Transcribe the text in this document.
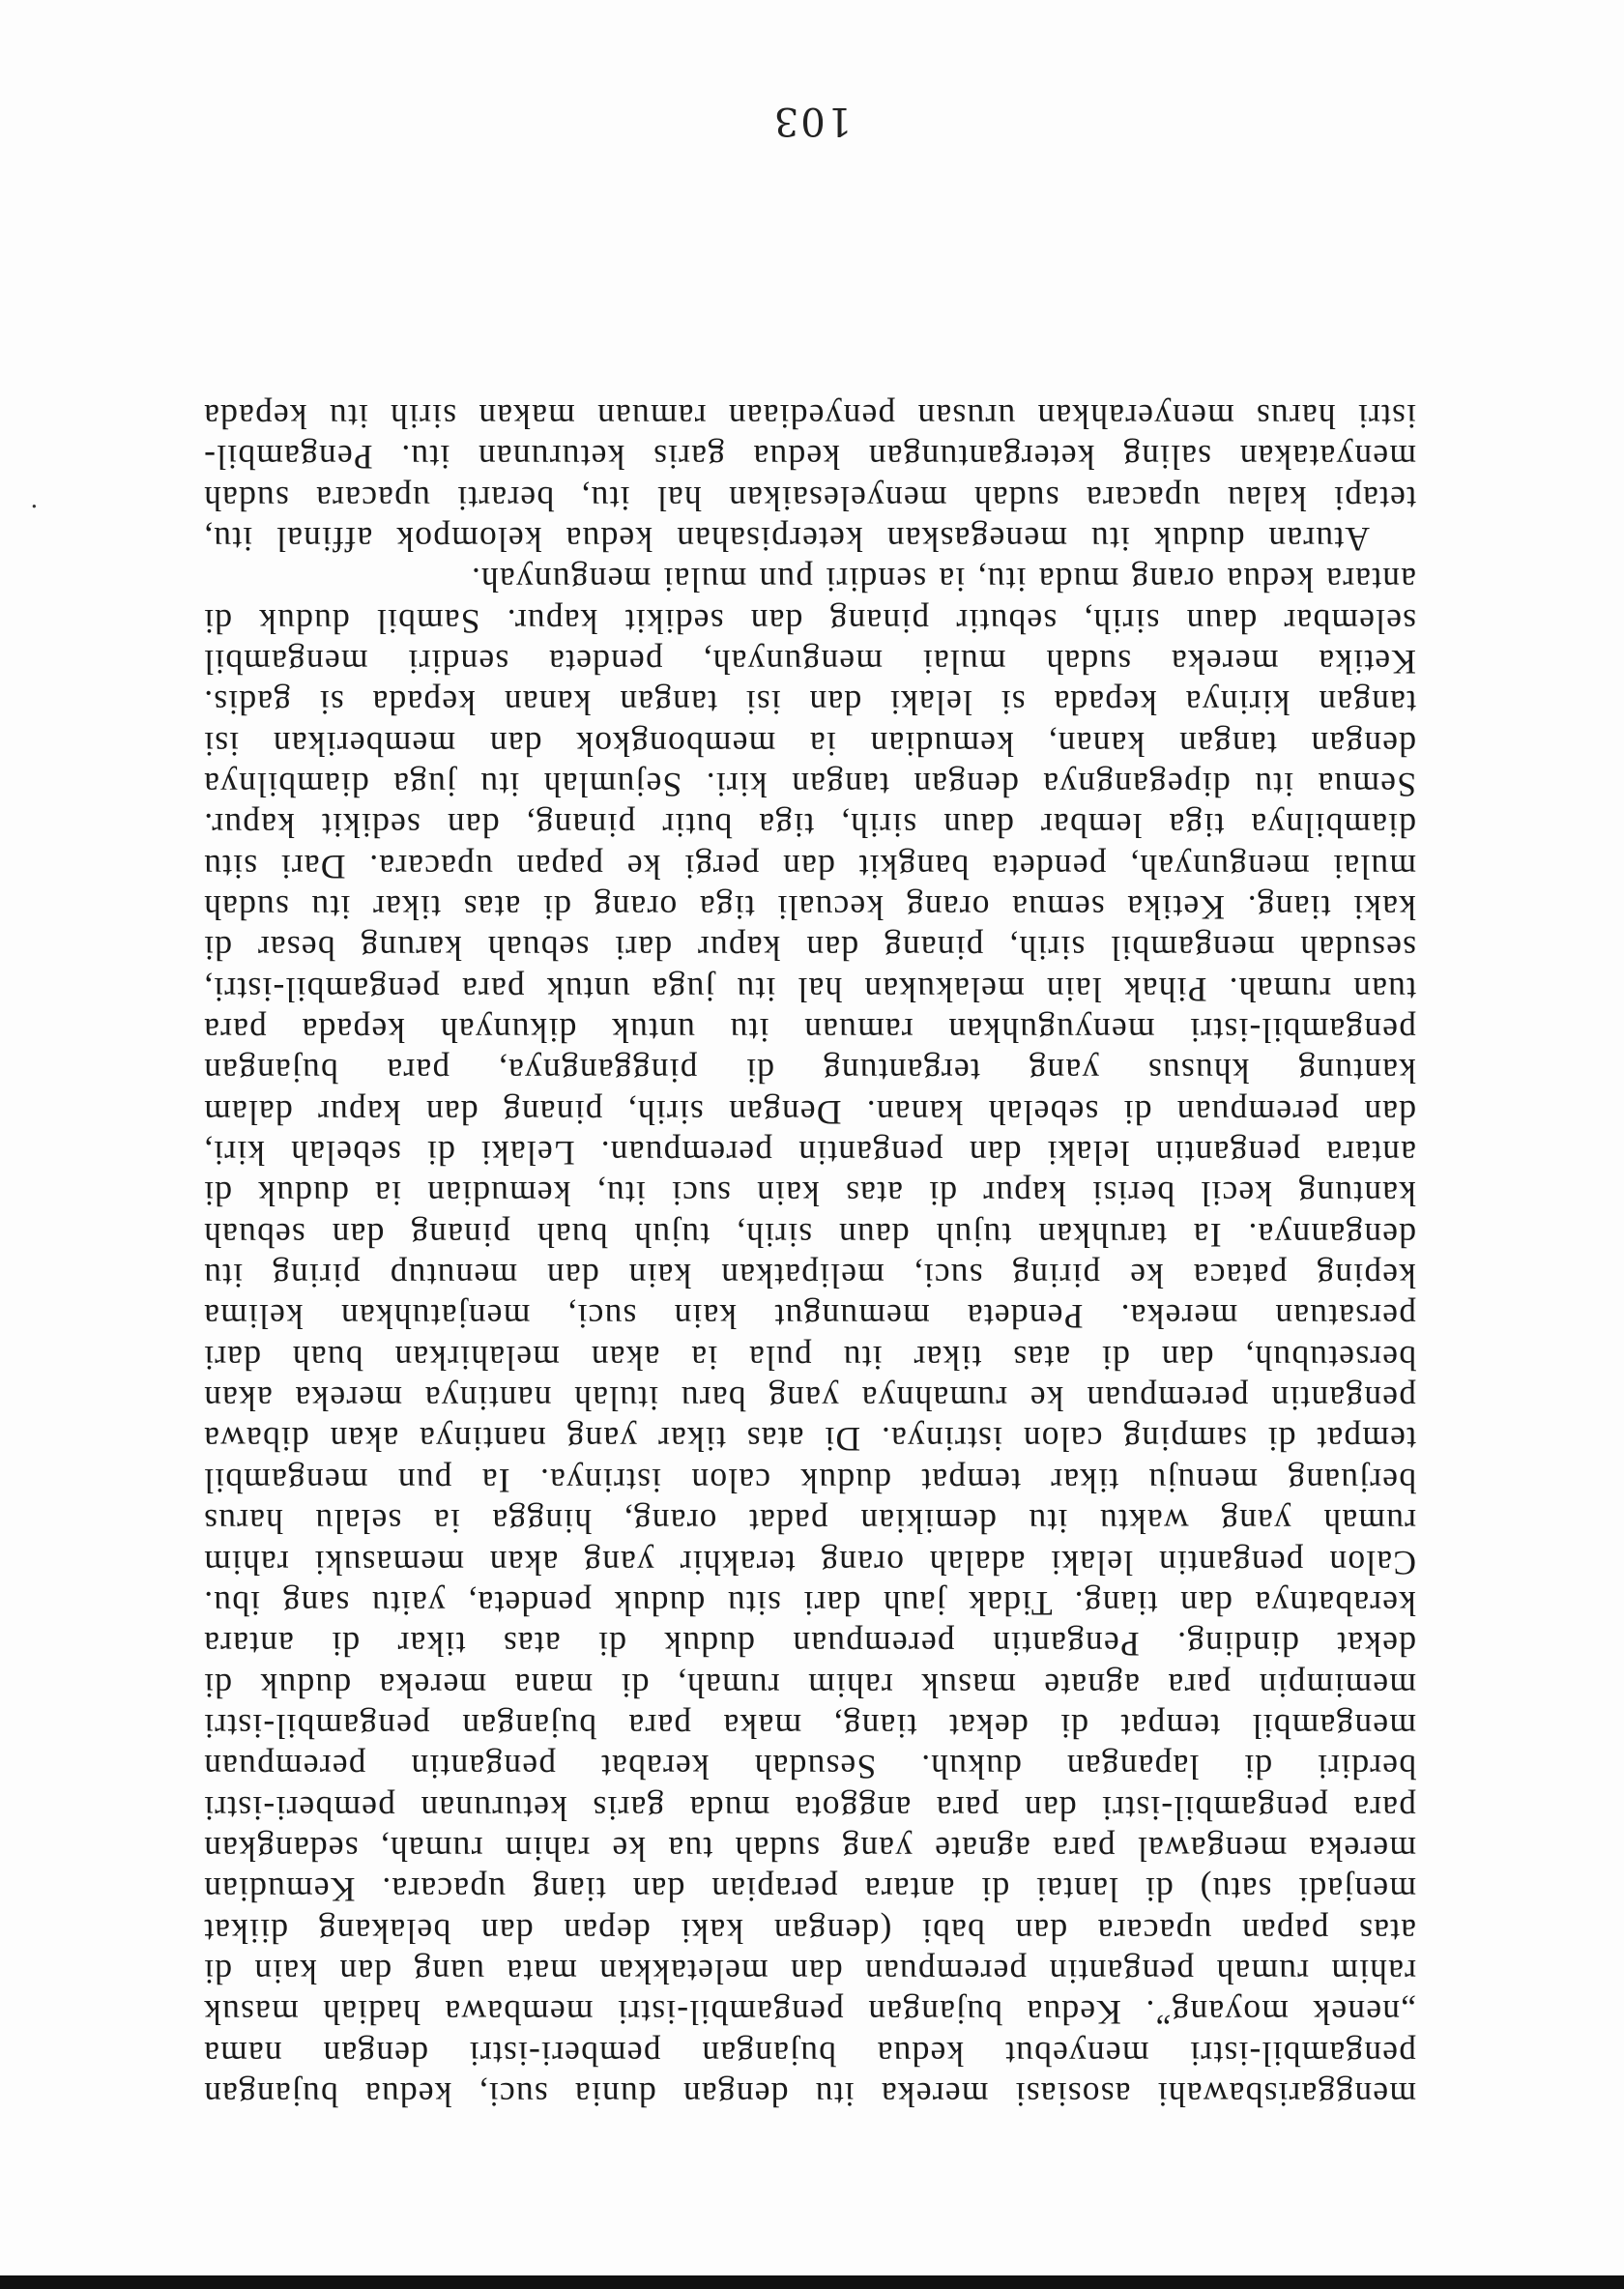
menggarisbawahi asosiasi mereka itu dengan dunia suci, kedua bujangan
pengambil-istri menyebut kedua bujangan pemberi-istri dengan nama
„nenek moyang”. Kedua bujangan pengambil-istri membawa hadiah masuk
rahim rumah pengantin perempuan dan meletakkan mata uang dan kain di
atas papan upacara dan babi (dengan kaki depan dan belakang diikat
menjadi satu) di lantai di antara perapian dan tiang upacara. Kemudian
mereka mengawal para agnate yang sudah tua ke rahim rumah, sedangkan
para pengambil-istri dan para anggota muda garis keturunan pemberi-istri
berdiri di lapangan dukuh. Sesudah kerabat pengantin perempuan
mengambil tempat di dekat tiang, maka para bujangan pengambil-istri
memimpin para agnate masuk rahim rumah, di mana mereka duduk di
dekat dinding. Pengantin perempuan duduk di atas tikar di antara
kerabatnya dan tiang. Tidak jauh dari situ duduk pendeta, yaitu sang ibu.
Calon pengantin lelaki adalah orang terakhir yang akan memasuki rahim
rumah yang waktu itu demikian padat orang, hingga ia selalu harus
berjuang menuju tikar tempat duduk calon istrinya. Ia pun mengambil
tempat di samping calon istrinya. Di atas tikar yang nantinya akan dibawa
pengantin perempuan ke rumahnya yang baru itulah nantinya mereka akan
bersetubuh, dan di atas tikar itu pula ia akan melahirkan buah dari
persatuan mereka. Pendeta memungut kain suci, menjatuhkan kelima
keping pataca ke piring suci, melipatkan kain dan menutup piring itu
dengannya. Ia taruhkan tujuh daun sirih, tujuh buah pinang dan sebuah
kantung kecil berisi kapur di atas kain suci itu, kemudian ia duduk di
antara pengantin lelaki dan pengantin perempuan. Lelaki di sebelah kiri,
dan perempuan di sebelah kanan. Dengan sirih, pinang dan kapur dalam
kantung khusus yang tergantung di pinggangnya, para bujangan
pengambil-istri menyuguhkan ramuan itu untuk dikunyah kepada para
tuan rumah. Pihak lain melakukan hal itu juga untuk para pengambil-istri,
sesudah mengambil sirih, pinang dan kapur dari sebuah karung besar di
kaki tiang. Ketika semua orang kecuali tiga orang di atas tikar itu sudah
mulai mengunyah, pendeta bangkit dan pergi ke papan upacara. Dari situ
diambilnya tiga lembar daun sirih, tiga butir pinang, dan sedikit kapur.
Semua itu dipegangnya dengan tangan kiri. Sejumlah itu juga diambilnya
dengan tangan kanan, kemudian ia membongkok dan memberikan isi
tangan kirinya kepada si lelaki dan isi tangan kanan kepada si gadis.
Ketika mereka sudah mulai mengunyah, pendeta sendiri mengambil
selembar daun sirih, sebutir pinang dan sedikit kapur. Sambil duduk di
antara kedua orang muda itu, ia sendiri pun mulai mengunyah.
Aturan duduk itu menegaskan keterpisahan kedua kelompok affinal itu,
tetapi kalau upacara sudah menyelesaikan hal itu, berarti upacara sudah
menyatakan saling ketergantungan kedua garis keturunan itu. Pengambil-
istri harus menyerahkan urusan penyediaan ramuan makan sirih itu kepada
103
·
